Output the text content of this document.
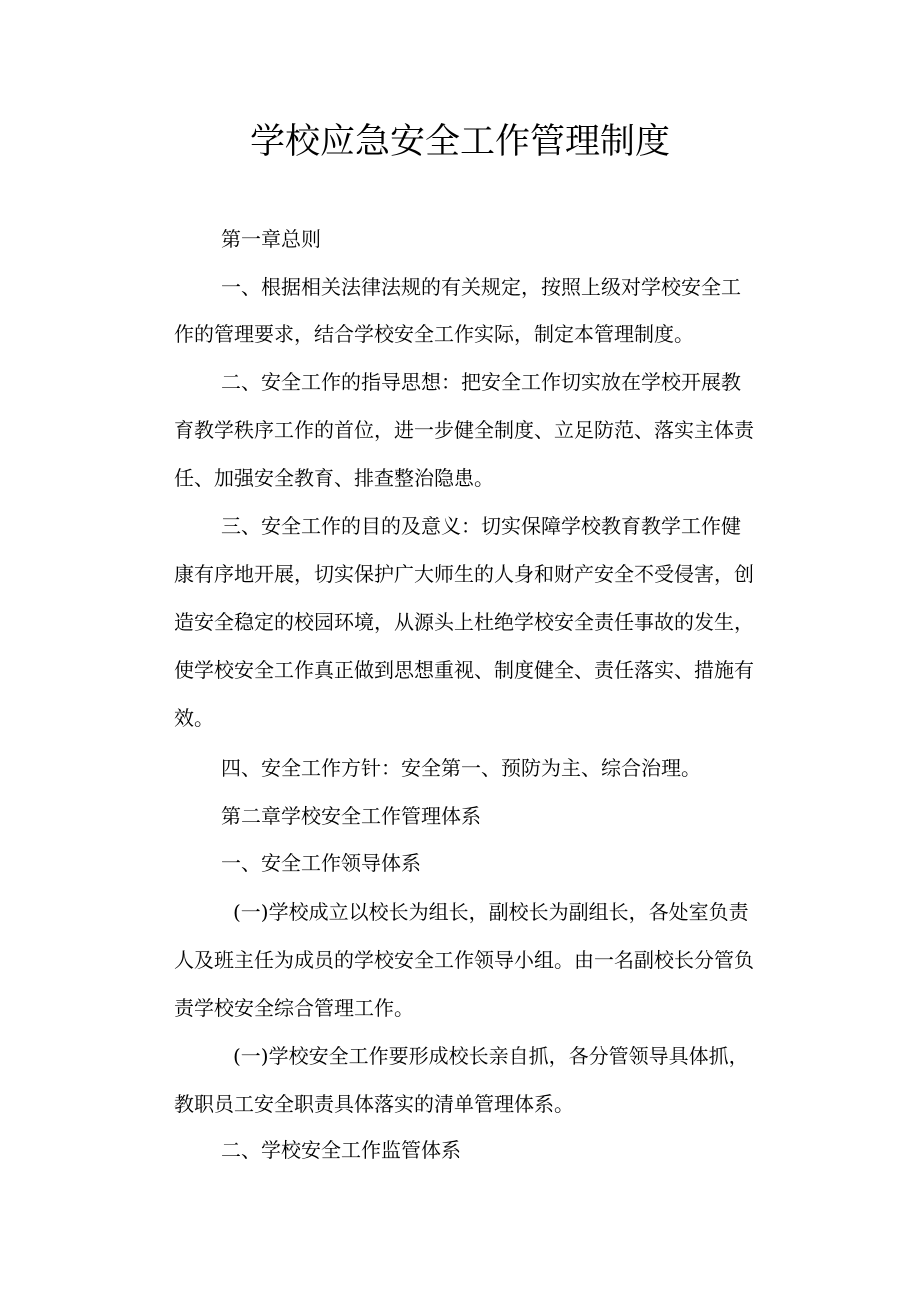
学校应急安全工作管理制度
第一章总则
一、根据相关法律法规的有关规定，按照上级对学校安全工
作的管理要求，结合学校安全工作实际，制定本管理制度。
二、安全工作的指导思想：把安全工作切实放在学校开展教
育教学秩序工作的首位，进一步健全制度、立足防范、落实主体责
任、加强安全教育、排查整治隐患。
三、安全工作的目的及意义：切实保障学校教育教学工作健
康有序地开展，切实保护广大师生的人身和财产安全不受侵害，创
造安全稳定的校园环境，从源头上杜绝学校安全责任事故的发生，
使学校安全工作真正做到思想重视、制度健全、责任落实、措施有
效。
四、安全工作方针：安全第一、预防为主、综合治理。
第二章学校安全工作管理体系
一、安全工作领导体系
(一)学校成立以校长为组长，副校长为副组长，各处室负责
人及班主任为成员的学校安全工作领导小组。由一名副校长分管负
责学校安全综合管理工作。
(一)学校安全工作要形成校长亲自抓，各分管领导具体抓，
教职员工安全职责具体落实的清单管理体系。
二、学校安全工作监管体系
